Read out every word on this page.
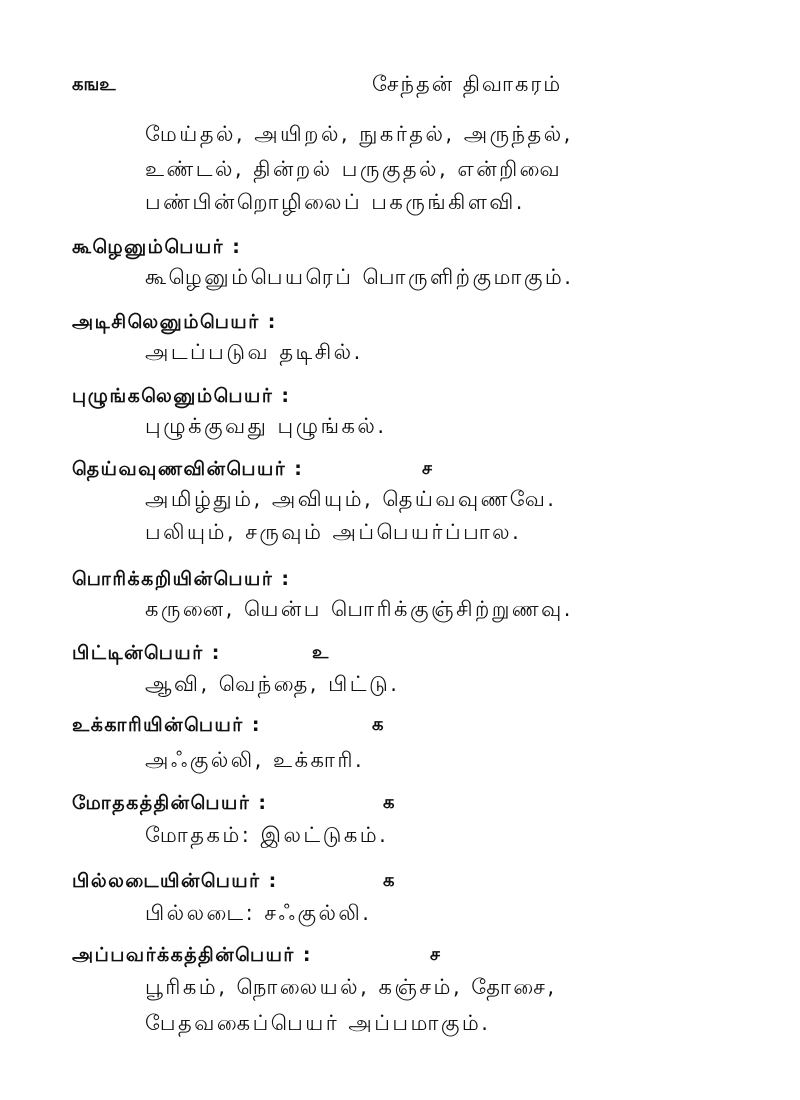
கஙஉ	சேந்தன் திவாகரம்
மேய்தல், அயிறல், நுகர்தல், அருந்தல்,
உண்டல், தின்றல் பருகுதல், என்றிவை
பண்பின்றொழிலைப் பகருங்கிளவி.
கூழெனும்பெயர் :
கூழெனும்பெயரெப் பொருளிற்குமாகும்.
அடிசிலெனும்பெயர் :
அடப்படுவ தடிசில்.
புழுங்கலெனும்பெயர் :
புழுக்குவது புழுங்கல்.
தெய்வவுணவின்பெயர் :	ச
அமிழ்தும், அவியும், தெய்வவுணவே.
பலியும், சருவும் அப்பெயர்ப்பால.
பொரிக்கறியின்பெயர் :
கருனை, யென்ப பொரிக்குஞ்சிற்றுணவு.
பிட்டின்பெயர் :	உ
ஆவி, வெந்தை, பிட்டு.
உக்காரியின்பெயர் :	க
அஃகுல்லி, உக்காரி.
மோதகத்தின்பெயர் :	க
மோதகம்: இலட்டுகம்.
பில்லடையின்பெயர் :	க
பில்லடை: சஃகுல்லி.
அப்பவர்க்கத்தின்பெயர் :	ச
பூரிகம், நொலையல், கஞ்சம், தோசை,
பேதவகைப்பெயர் அப்பமாகும்.
